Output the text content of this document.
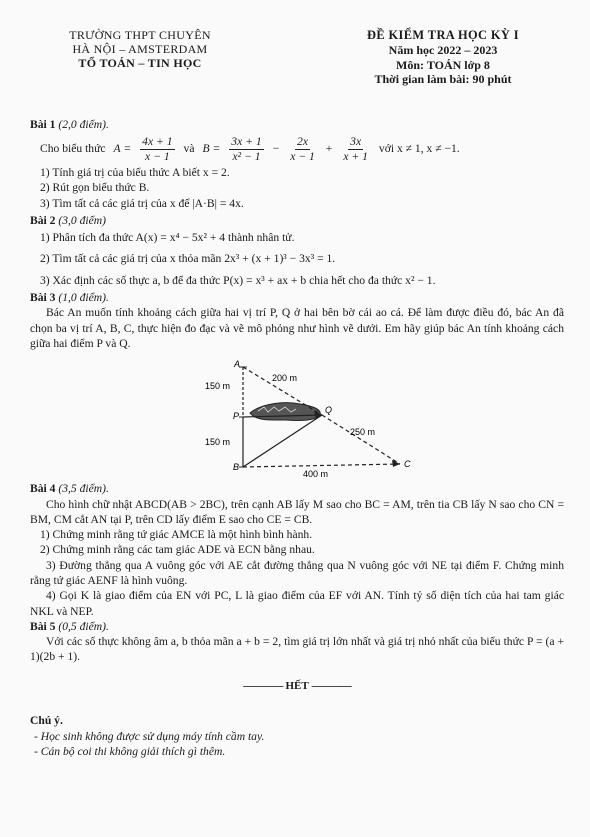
TRƯỜNG THPT CHUYÊN
HÀ NỘI – AMSTERDAM
TỔ TOÁN – TIN HỌC
ĐỀ KIỂM TRA HỌC KỲ I
Năm học 2022 – 2023
Môn: TOÁN lớp 8
Thời gian làm bài: 90 phút

Bài 1 (2,0 điểm).

Cho biểu thức $A = \frac{4x + 1}{x - 1}$ và $B = \frac{3x + 1}{\text{x² − 1}} - \frac{2x}{x - 1} + \frac{3x}{x + 1}$ với x ≠ 1, x ≠ −1.

1) Tính giá trị của biểu thức A biết x = 2.

2) Rút gọn biểu thức B.

3) Tìm tất cả các giá trị của x để |A·B| = 4x.

Bài 2 (3,0 điểm)

1) Phân tích đa thức A(x) = x⁴ − 5x² + 4 thành nhân tử.

2) Tìm tất cả các giá trị của x thỏa mãn 2x³ + (x + 1)³ − 3x³ = 1.

3) Xác định các số thực a, b để đa thức P(x) = x³ + ax + b chia hết cho đa thức x² − 1.

Bài 3 (1,0 điểm).

Bác An muốn tính khoảng cách giữa hai vị trí P, Q ở hai bên bờ cái ao cá. Để làm được điều đó, bác An đã chọn ba vị trí A, B, C, thực hiện đo đạc và vẽ mô phỏng như hình vẽ dưới. Em hãy giúp bác An tính khoảng cách giữa hai điểm P và Q.

A
P
Q
B	C
200 m
150 m
150 m
250 m
400 m

Bài 4 (3,5 điểm).

Cho hình chữ nhật ABCD(AB > 2BC), trên cạnh AB lấy M sao cho BC = AM, trên tia CB lấy N sao cho CN = BM, CM cắt AN tại P, trên CD lấy điểm E sao cho CE = CB.

1) Chứng minh rằng tứ giác AMCE là một hình bình hành.

2) Chứng minh rằng các tam giác ADE và ECN bằng nhau.

3) Đường thẳng qua A vuông góc với AE cắt đường thẳng qua N vuông góc với NE tại điểm F. Chứng minh rằng tứ giác AENF là hình vuông.

4) Gọi K là giao điểm của EN với PC, L là giao điểm của EF với AN. Tính tỷ số diện tích của hai tam giác NKL và NEP.

Bài 5 (0,5 điểm).

Với các số thực không âm a, b thỏa mãn a + b = 2, tìm giá trị lớn nhất và giá trị nhỏ nhất của biểu thức P = (a + 1)(2b + 1).

--------------- HẾT ---------------
Chú ý.

- Học sinh không được sử dụng máy tính cầm tay.

- Cán bộ coi thi không giải thích gì thêm.
